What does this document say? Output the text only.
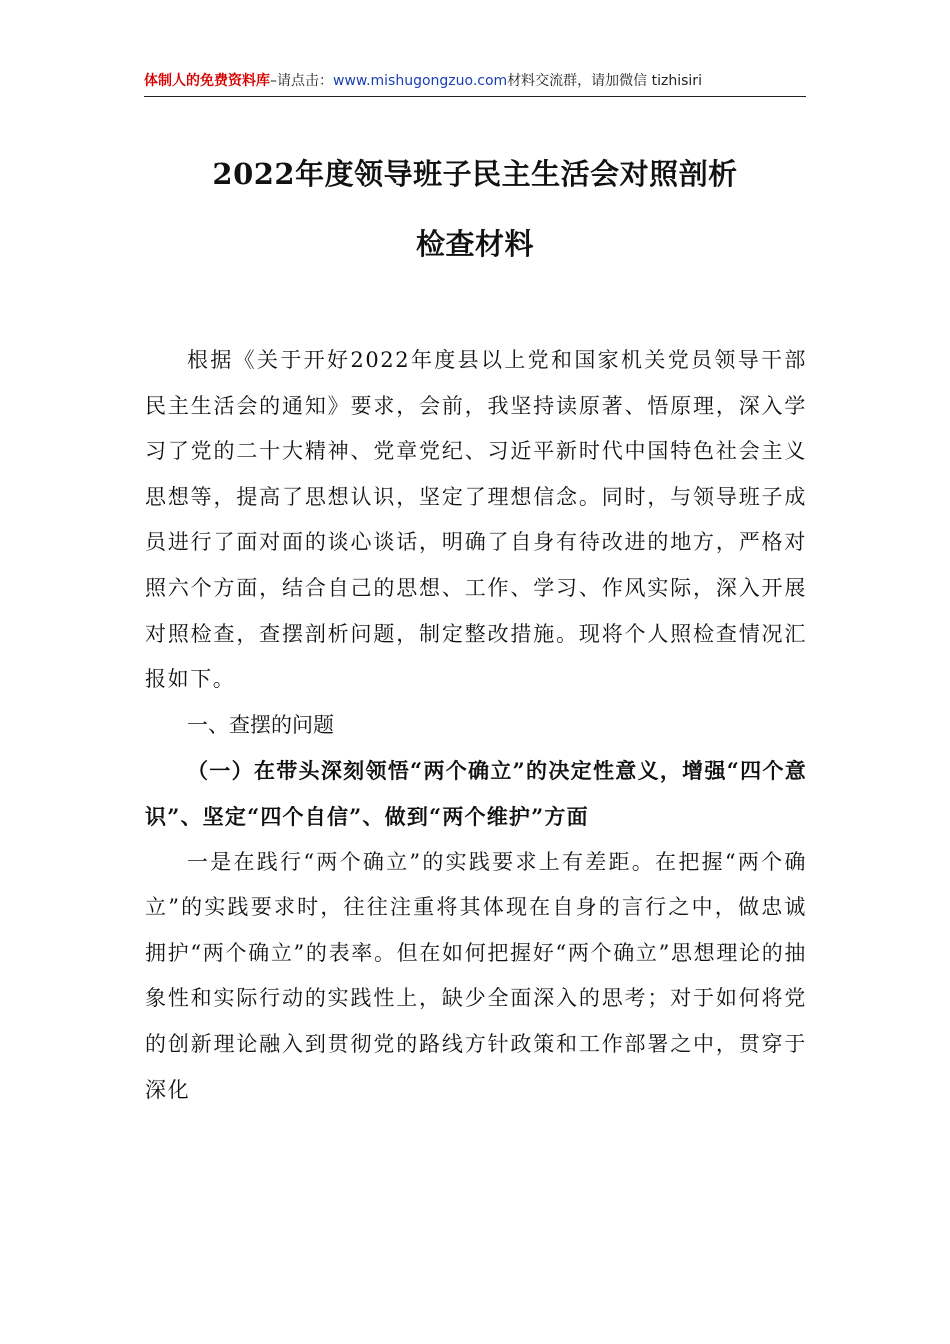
体制人的免费资料库–请点击：www.mishugongzuo.com材料交流群，请加微信 tizhisiri
2022年度领导班子民主生活会对照剖析
检查材料

根据《关于开好2022年度县以上党和国家机关党员领导干部民主生活会的通知》要求，会前，我坚持读原著、悟原理，深入学习了党的二十大精神、党章党纪、习近平新时代中国特色社会主义思想等，提高了思想认识，坚定了理想信念。同时，与领导班子成员进行了面对面的谈心谈话，明确了自身有待改进的地方，严格对照六个方面，结合自己的思想、工作、学习、作风实际，深入开展对照检查，查摆剖析问题，制定整改措施。现将个人照检查情况汇报如下。

一、查摆的问题

（一）在带头深刻领悟“两个确立”的决定性意义，增强“四个意识”、坚定“四个自信”、做到“两个维护”方面

一是在践行“两个确立”的实践要求上有差距。在把握“两个确立”的实践要求时，往往注重将其体现在自身的言行之中，做忠诚拥护“两个确立”的表率。但在如何把握好“两个确立”思想理论的抽象性和实际行动的实践性上，缺少全面深入的思考；对于如何将党的创新理论融入到贯彻党的路线方针政策和工作部署之中，贯穿于深化
